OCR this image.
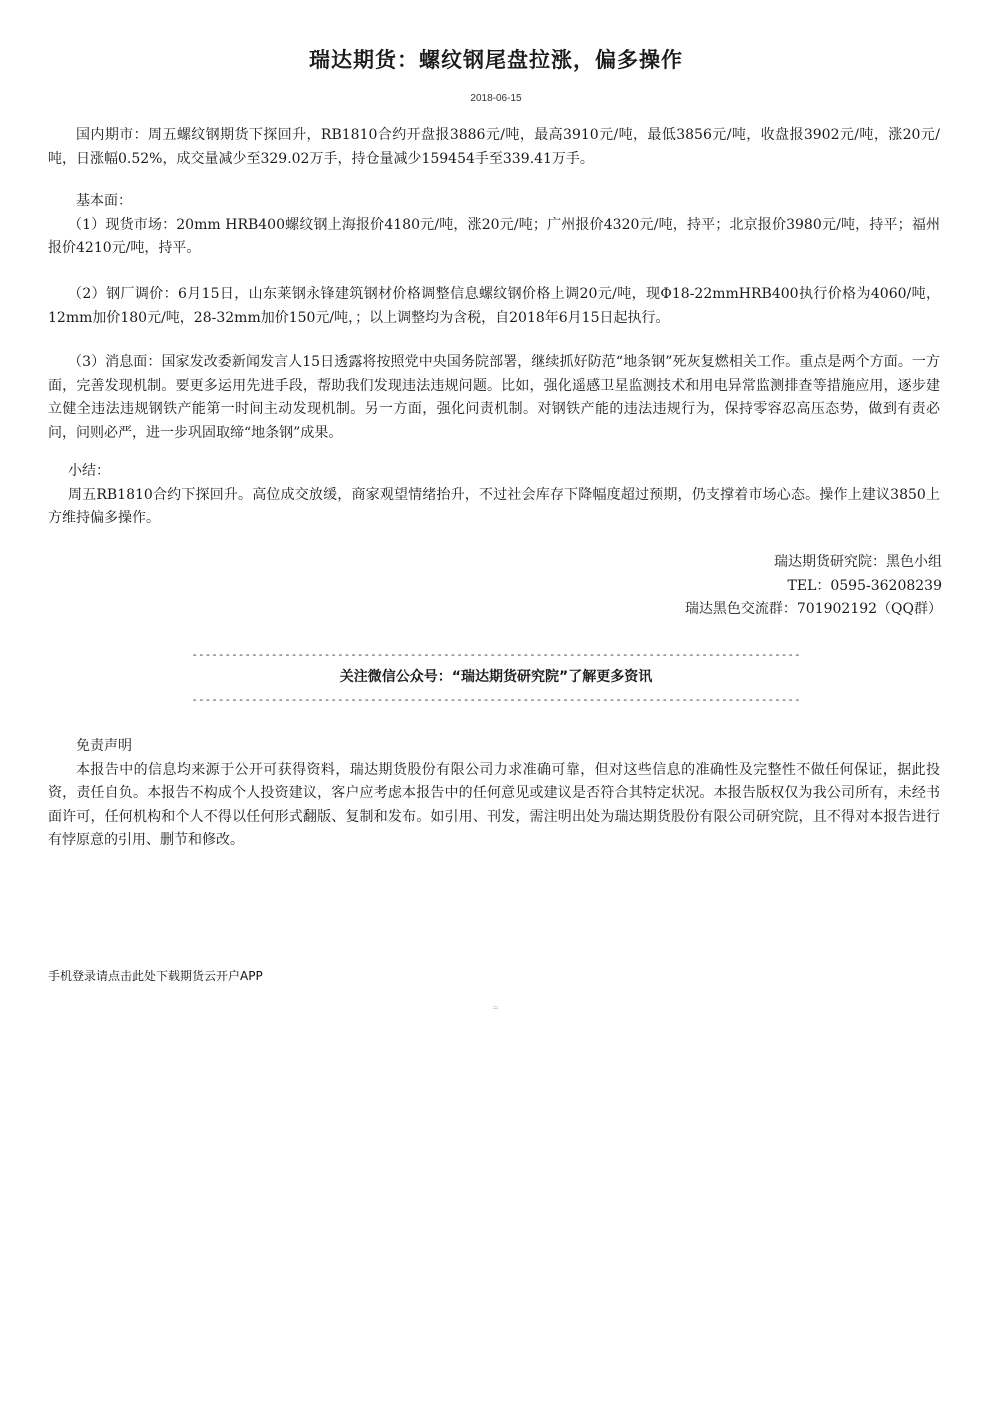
瑞达期货：螺纹钢尾盘拉涨，偏多操作
2018-06-15

国内期市：周五螺纹钢期货下探回升，RB1810合约开盘报3886元/吨，最高3910元/吨，最低3856元/吨，收盘报3902元/吨，涨20元/吨，日涨幅0.52%，成交量减少至329.02万手，持仓量减少159454手至339.41万手。

基本面：

（1）现货市场：20mm HRB400螺纹钢上海报价4180元/吨，涨20元/吨；广州报价4320元/吨，持平；北京报价3980元/吨，持平；福州报价4210元/吨，持平。

（2）钢厂调价：6月15日，山东莱钢永锋建筑钢材价格调整信息螺纹钢价格上调20元/吨，现Φ18-22mmHRB400执行价格为4060/吨，12mm加价180元/吨，28-32mm加价150元/吨，；以上调整均为含税，自2018年6月15日起执行。

（3）消息面：国家发改委新闻发言人15日透露将按照党中央国务院部署，继续抓好防范“地条钢”死灰复燃相关工作。重点是两个方面。一方面，完善发现机制。要更多运用先进手段，帮助我们发现违法违规问题。比如，强化遥感卫星监测技术和用电异常监测排查等措施应用，逐步建立健全违法违规钢铁产能第一时间主动发现机制。另一方面，强化问责机制。对钢铁产能的违法违规行为，保持零容忍高压态势，做到有责必问，问则必严，进一步巩固取缔“地条钢”成果。

小结：

周五RB1810合约下探回升。高位成交放缓，商家观望情绪抬升，不过社会库存下降幅度超过预期，仍支撑着市场心态。操作上建议3850上方维持偏多操作。

瑞达期货研究院：黑色小组
TEL：0595-36208239
瑞达黑色交流群：701902192（QQ群）
--------------------------------------------------------------------------------------------
关注微信公众号：“瑞达期货研究院”了解更多资讯
--------------------------------------------------------------------------------------------

免责声明

本报告中的信息均来源于公开可获得资料，瑞达期货股份有限公司力求准确可靠，但对这些信息的准确性及完整性不做任何保证，据此投资，责任自负。本报告不构成个人投资建议，客户应考虑本报告中的任何意见或建议是否符合其特定状况。本报告版权仅为我公司所有，未经书面许可，任何机构和个人不得以任何形式翻版、复制和发布。如引用、刊发，需注明出处为瑞达期货股份有限公司研究院，且不得对本报告进行有悖原意的引用、删节和修改。

手机登录请点击此处下载期货云开户APP
=
